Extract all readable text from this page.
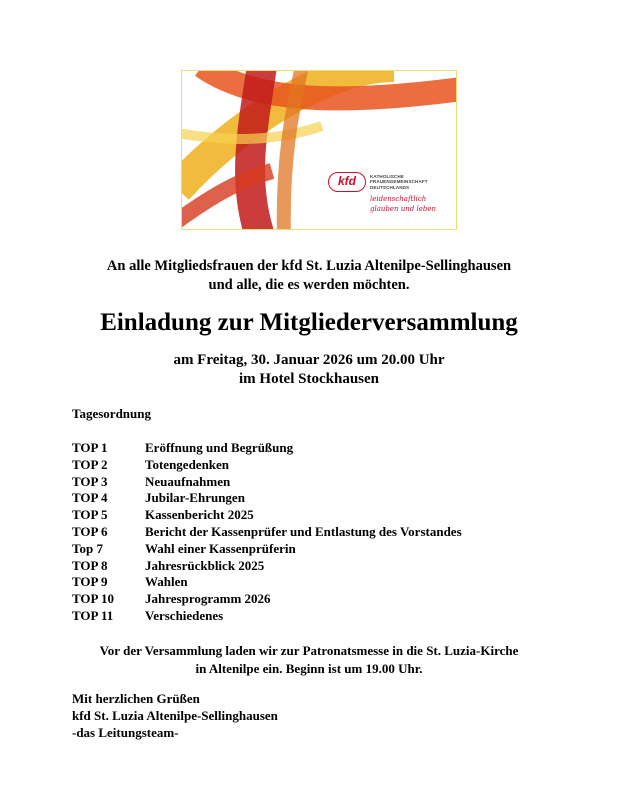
kfd	KATHOLISCHE
FRAUENGEMEINSCHAFT
DEUTSCHLANDS
leidenschaftlich
glauben und leben
An alle Mitgliedsfrauen der kfd St. Luzia Altenilpe-Sellinghausen
und alle, die es werden möchten.
Einladung zur Mitgliederversammlung
am Freitag, 30. Januar 2026 um 20.00 Uhr
im Hotel Stockhausen
Tagesordnung
TOP 1	Eröffnung und Begrüßung
TOP 2	Totengedenken
TOP 3	Neuaufnahmen
TOP 4	Jubilar-Ehrungen
TOP 5	Kassenbericht 2025
TOP 6	Bericht der Kassenprüfer und Entlastung des Vorstandes
Top 7	Wahl einer Kassenprüferin
TOP 8	Jahresrückblick 2025
TOP 9	Wahlen
TOP 10 Jahresprogramm 2026
TOP 11 Verschiedenes
Vor der Versammlung laden wir zur Patronatsmesse in die St. Luzia-Kirche
in Altenilpe ein. Beginn ist um 19.00 Uhr.
Mit herzlichen Grüßen
kfd St. Luzia Altenilpe-Sellinghausen
-das Leitungsteam-
